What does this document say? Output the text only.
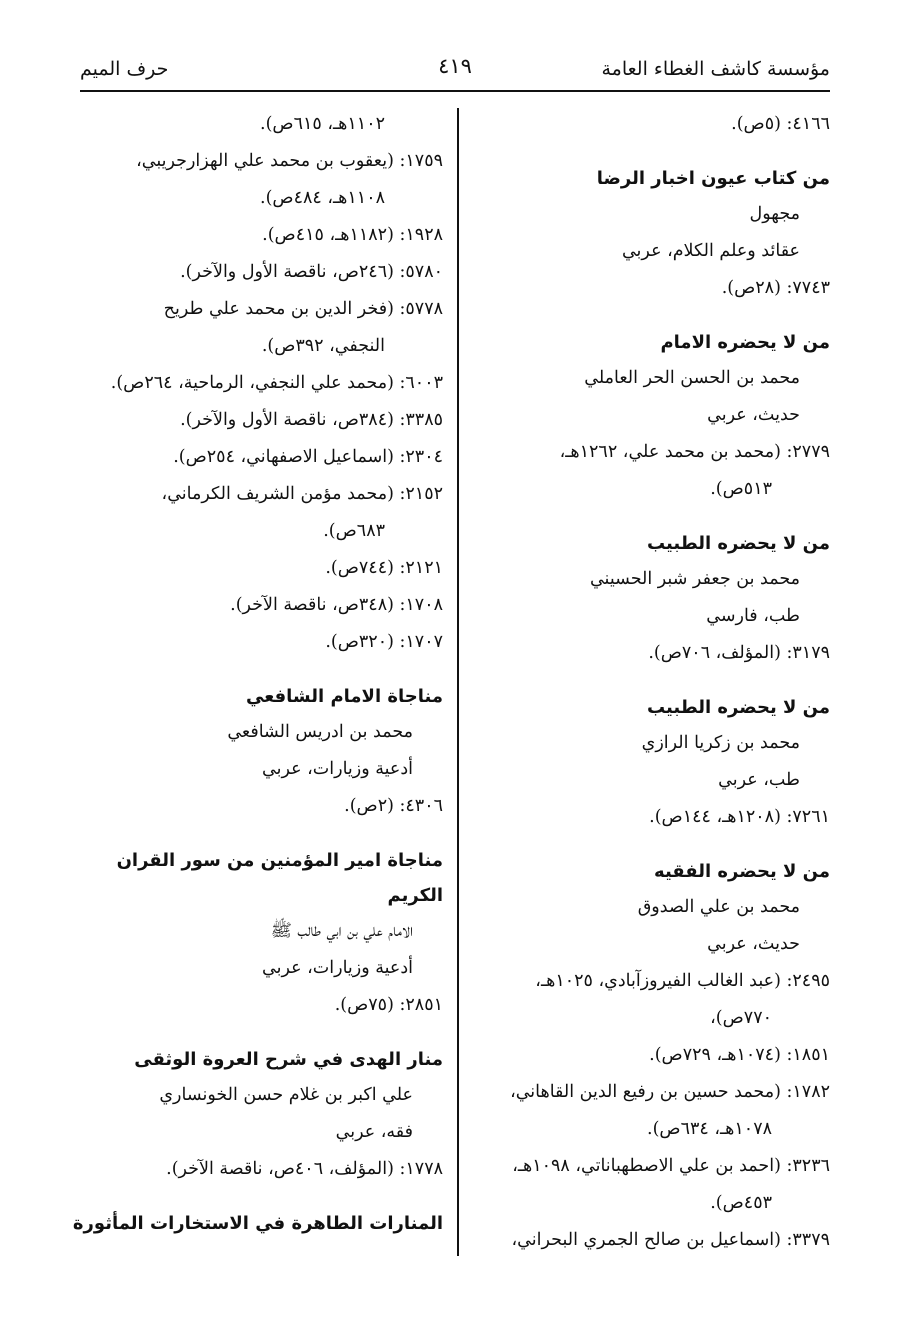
مؤسسة كاشف الغطاء العامة
٤١٩
حرف الميم
٤١٦٦: (٥ص).
من كتاب عيون اخبار الرضا
مجهول
عقائد وعلم الكلام، عربي
٧٧٤٣: (٢٨ص).
من لا يحضره الامام
محمد بن الحسن الحر العاملي
حديث، عربي
٢٧٧٩: (محمد بن محمد علي، ١٢٦٢هـ،
٥١٣ص).
من لا يحضره الطبيب
محمد بن جعفر شبر الحسيني
طب، فارسي
٣١٧٩: (المؤلف، ٧٠٦ص).
من لا يحضره الطبيب
محمد بن زكريا الرازي
طب، عربي
٧٢٦١: (١٢٠٨هـ، ١٤٤ص).
من لا يحضره الفقيه
محمد بن علي الصدوق
حديث، عربي
٢٤٩٥: (عبد الغالب الفيروزآبادي، ١٠٢٥هـ،
٧٧٠ص)،
١٨٥١: (١٠٧٤هـ، ٧٢٩ص).
١٧٨٢: (محمد حسين بن رفيع الدين القاهاني،
١٠٧٨هـ، ٦٣٤ص).
٣٢٣٦: (احمد بن علي الاصطهباناتي، ١٠٩٨هـ،
٤٥٣ص).
٣٣٧٩: (اسماعيل بن صالح الجمري البحراني،
١١٠٢هـ، ٦١٥ص).
١٧٥٩: (يعقوب بن محمد علي الهزارجريبي،
١١٠٨هـ، ٤٨٤ص).
١٩٢٨: (١١٨٢هـ، ٤١٥ص).
٥٧٨٠: (٢٤٦ص، ناقصة الأول والآخر).
٥٧٧٨: (فخر الدين بن محمد علي طريح
النجفي، ٣٩٢ص).
٦٠٠٣: (محمد علي النجفي، الرماحية، ٢٦٤ص).
٣٣٨٥: (٣٨٤ص، ناقصة الأول والآخر).
٢٣٠٤: (اسماعيل الاصفهاني، ٢٥٤ص).
٢١٥٢: (محمد مؤمن الشريف الكرماني،
٦٨٣ص).
٢١٢١: (٧٤٤ص).
١٧٠٨: (٣٤٨ص، ناقصة الآخر).
١٧٠٧: (٣٢٠ص).
مناجاة الامام الشافعي
محمد بن ادريس الشافعي
أدعية وزيارات، عربي
٤٣٠٦: (٢ص).
مناجاة امير المؤمنين من سور القران الكريم
الامام علي بن ابي طالب ﷺ
أدعية وزيارات، عربي
٢٨٥١: (٧٥ص).
منار الهدى في شرح العروة الوثقى
علي اكبر بن غلام حسن الخونساري
فقه، عربي
١٧٧٨: (المؤلف، ٤٠٦ص، ناقصة الآخر).
المنارات الطاهرة في الاستخارات المأثورة
